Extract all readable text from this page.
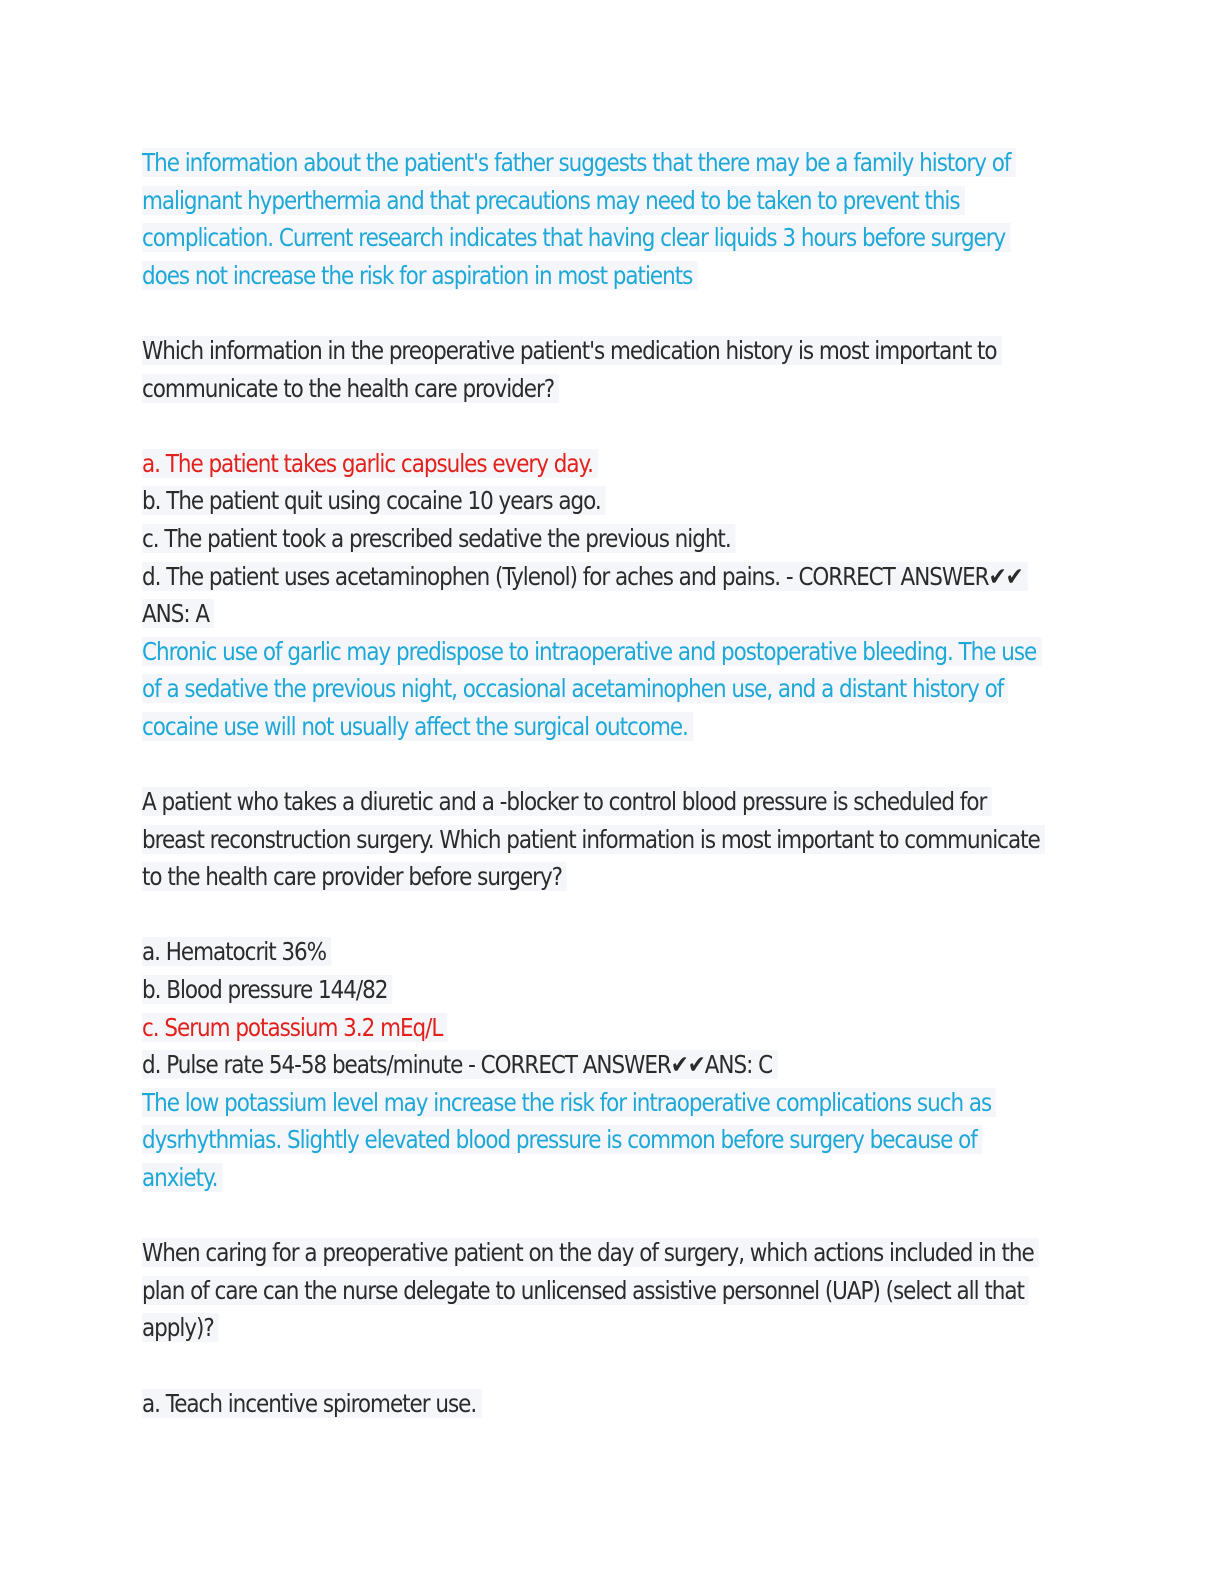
The information about the patient's father suggests that there may be a family history of
malignant hyperthermia and that precautions may need to be taken to prevent this
complication. Current research indicates that having clear liquids 3 hours before surgery
does not increase the risk for aspiration in most patients
Which information in the preoperative patient's medication history is most important to
communicate to the health care provider?
a. The patient takes garlic capsules every day.
b. The patient quit using cocaine 10 years ago.
c. The patient took a prescribed sedative the previous night.
d. The patient uses acetaminophen (Tylenol) for aches and pains. - CORRECT ANSWER✔✔
ANS: A
Chronic use of garlic may predispose to intraoperative and postoperative bleeding. The use
of a sedative the previous night, occasional acetaminophen use, and a distant history of
cocaine use will not usually affect the surgical outcome.
A patient who takes a diuretic and a -blocker to control blood pressure is scheduled for
breast reconstruction surgery. Which patient information is most important to communicate
to the health care provider before surgery?
a. Hematocrit 36%
b. Blood pressure 144/82
c. Serum potassium 3.2 mEq/L
d. Pulse rate 54-58 beats/minute - CORRECT ANSWER✔✔ANS: C
The low potassium level may increase the risk for intraoperative complications such as
dysrhythmias. Slightly elevated blood pressure is common before surgery because of
anxiety.
When caring for a preoperative patient on the day of surgery, which actions included in the
plan of care can the nurse delegate to unlicensed assistive personnel (UAP) (select all that
apply)?
a. Teach incentive spirometer use.
